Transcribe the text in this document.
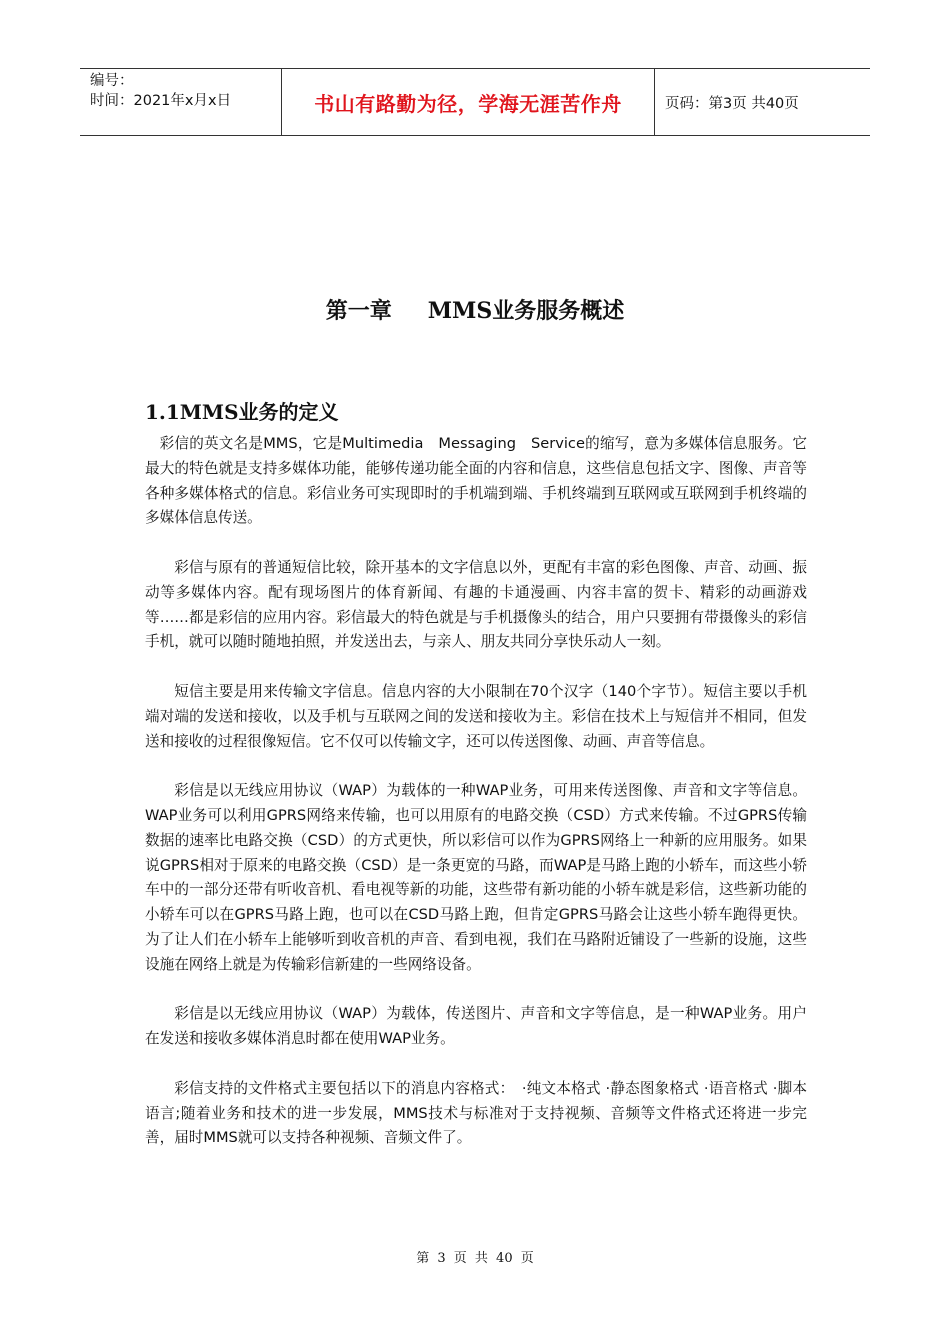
编号：
时间：2021年x月x日	书山有路勤为径，学海无涯苦作舟	页码：第3页 共40页
第一章 MMS业务服务概述
1.1MMS业务的定义

彩信的英文名是MMS，它是Multimedia　Messaging　Service的缩写，意为多媒体信息服务。它最大的特色就是支持多媒体功能，能够传递功能全面的内容和信息，这些信息包括文字、图像、声音等各种多媒体格式的信息。彩信业务可实现即时的手机端到端、手机终端到互联网或互联网到手机终端的多媒体信息传送。

彩信与原有的普通短信比较，除开基本的文字信息以外，更配有丰富的彩色图像、声音、动画、振动等多媒体内容。配有现场图片的体育新闻、有趣的卡通漫画、内容丰富的贺卡、精彩的动画游戏等……都是彩信的应用内容。彩信最大的特色就是与手机摄像头的结合，用户只要拥有带摄像头的彩信手机，就可以随时随地拍照，并发送出去，与亲人、朋友共同分享快乐动人一刻。

短信主要是用来传输文字信息。信息内容的大小限制在70个汉字（140个字节）。短信主要以手机端对端的发送和接收，以及手机与互联网之间的发送和接收为主。彩信在技术上与短信并不相同，但发送和接收的过程很像短信。它不仅可以传输文字，还可以传送图像、动画、声音等信息。

彩信是以无线应用协议（WAP）为载体的一种WAP业务，可用来传送图像、声音和文字等信息。WAP业务可以利用GPRS网络来传输，也可以用原有的电路交换（CSD）方式来传输。不过GPRS传输数据的速率比电路交换（CSD）的方式更快，所以彩信可以作为GPRS网络上一种新的应用服务。如果说GPRS相对于原来的电路交换（CSD）是一条更宽的马路，而WAP是马路上跑的小轿车，而这些小轿车中的一部分还带有听收音机、看电视等新的功能，这些带有新功能的小轿车就是彩信，这些新功能的小轿车可以在GPRS马路上跑，也可以在CSD马路上跑，但肯定GPRS马路会让这些小轿车跑得更快。为了让人们在小轿车上能够听到收音机的声音、看到电视，我们在马路附近铺设了一些新的设施，这些设施在网络上就是为传输彩信新建的一些网络设备。

彩信是以无线应用协议（WAP）为载体，传送图片、声音和文字等信息，是一种WAP业务。用户在发送和接收多媒体消息时都在使用WAP业务。

彩信支持的文件格式主要包括以下的消息内容格式：　·纯文本格式 ·静态图象格式 ·语音格式 ·脚本语言;随着业务和技术的进一步发展，MMS技术与标准对于支持视频、音频等文件格式还将进一步完善，届时MMS就可以支持各种视频、音频文件了。

第 3 页 共 40 页
